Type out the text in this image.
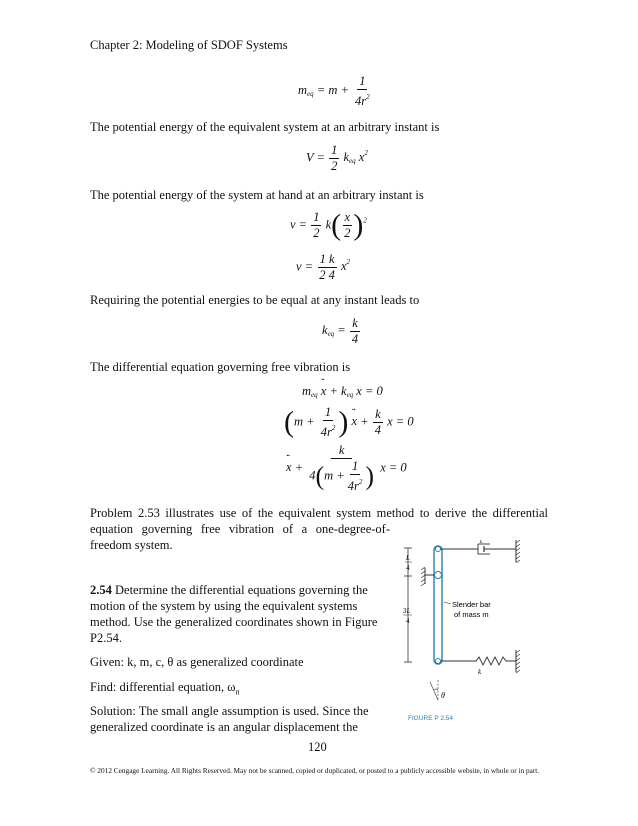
Chapter 2: Modeling of SDOF Systems
$m_{eq} = m + \frac{1}{4r^2}$
The potential energy of the equivalent system at an arbitrary instant is
$V = \frac{1}{2} k_{eq}$ $x^2$
The potential energy of the system at hand at an arbitrary instant is
$v = \frac{1}{2} k( \frac{x}{2} )^2$
$v = \frac{1 k}{2 4} x^2$
Requiring the potential energies to be equal at any instant leads to
$k_{eq} = \frac{k}{4}$
The differential equation governing free vibration is
$m_{eq} \cdot\cdot x + k_{eq}$ x = 0
($m + \frac{1}{4r^2}$ ) ·· $x + \frac{k}{4}$ x = 0
·· $x + \frac{k}{4(m + \frac{1}{4r^2} )}$ x = 0
Problem 2.53 illustrates use of the equivalent system method to derive the differential
equation governing free vibration of a one-degree-of-
freedom system.
2.54 Determine the differential equations governing the
motion of the system by using the equivalent systems
method. Use the generalized coordinates shown in Figure
P2.54.
Given: k, m, c, θ as generalized coordinate
Find: differential equation, $\omega_n$
Solution: The small angle assumption is used. Since the
generalized coordinate is an angular displacement the
L
4
3L
4
c
Slender bar
of mass m
k
θ
FIGURE P 2.54
120
© 2012 Cengage Learning. All Rights Reserved. May not be scanned, copied or duplicated, or posted to a publicly accessible website, in whole or in part.
